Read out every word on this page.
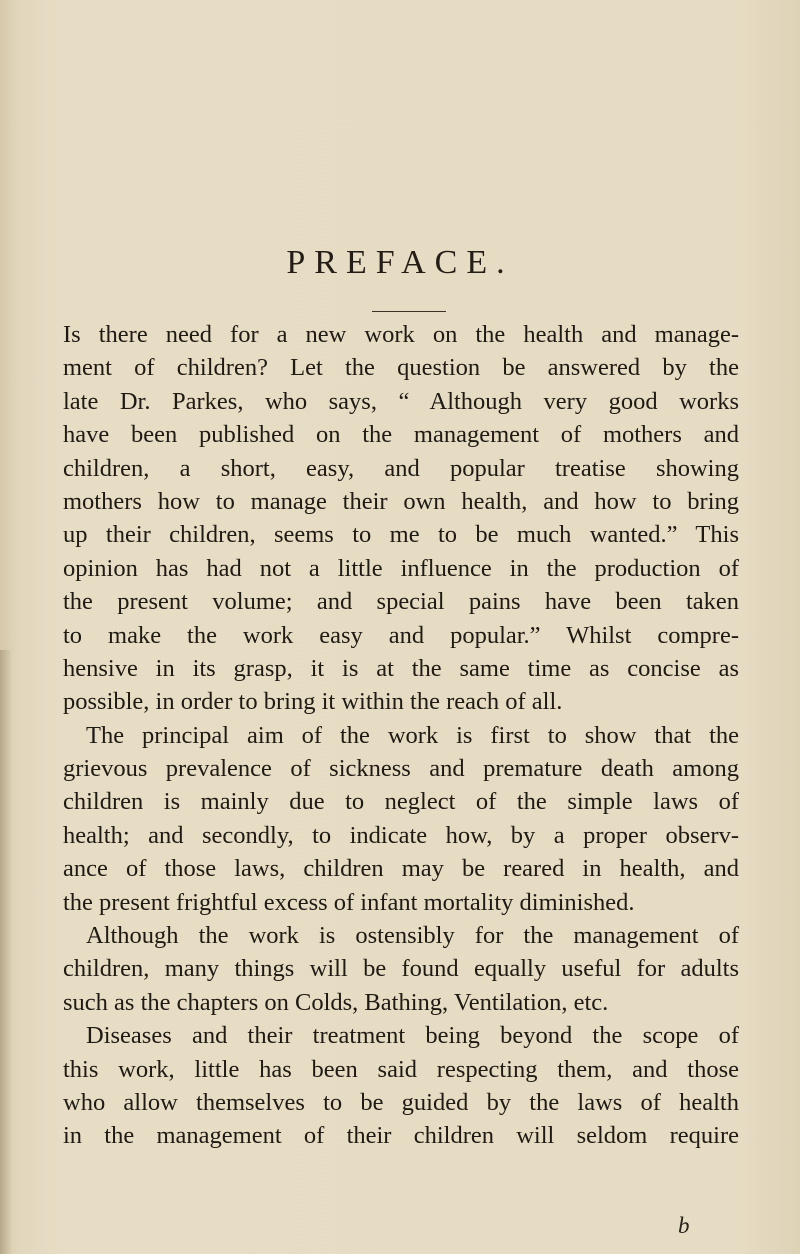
PREFACE.
Is there need for a new work on the health and manage-
ment of children? Let the question be answered by the
late Dr. Parkes, who says, “ Although very good works
have been published on the management of mothers and
children, a short, easy, and popular treatise showing
mothers how to manage their own health, and how to bring
up their children, seems to me to be much wanted.” This
opinion has had not a little influence in the production of
the present volume; and special pains have been taken
to make the work easy and popular.” Whilst compre-
hensive in its grasp, it is at the same time as concise as
possible, in order to bring it within the reach of all.
The principal aim of the work is first to show that the
grievous prevalence of sickness and premature death among
children is mainly due to neglect of the simple laws of
health; and secondly, to indicate how, by a proper observ-
ance of those laws, children may be reared in health, and
the present frightful excess of infant mortality diminished.
Although the work is ostensibly for the management of
children, many things will be found equally useful for adults
such as the chapters on Colds, Bathing, Ventilation, etc.
Diseases and their treatment being beyond the scope of
this work, little has been said respecting them, and those
who allow themselves to be guided by the laws of health
in the management of their children will seldom require
b
